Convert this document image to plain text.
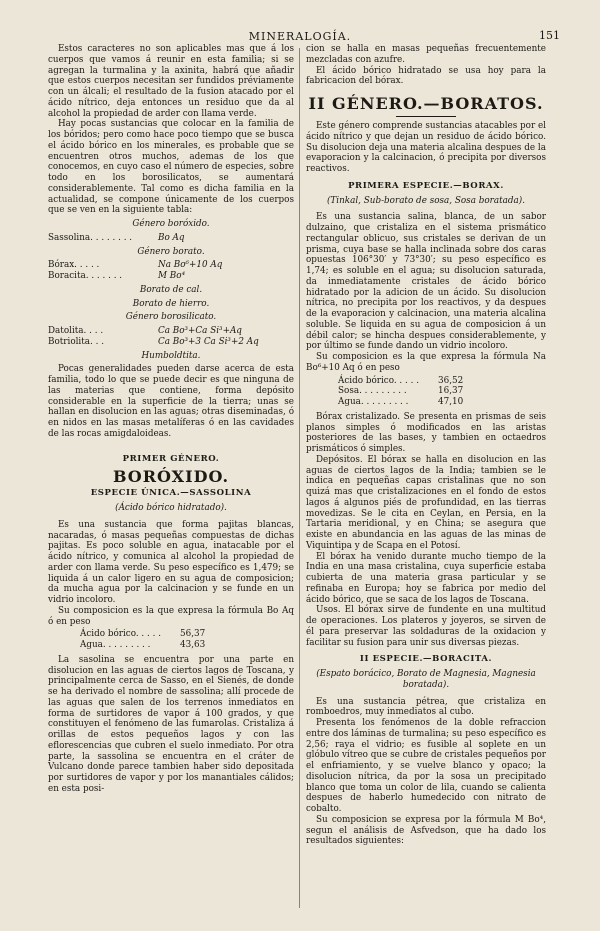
MINERALOGÍA.	151

Estos caracteres no son aplicables mas que á los cuerpos que vamos á reunir en esta familia; si se agregan la turmalina y la axinita, habrá que añadir que estos cuerpos necesitan ser fundidos préviamente con un álcali; el resultado de la fusion atacado por el ácido nítrico, deja entonces un residuo que da al alcohol la propiedad de arder con llama verde.

Hay pocas sustancias que colocar en la familia de los bóridos; pero como hace poco tiempo que se busca el ácido bórico en los minerales, es probable que se encuentren otros muchos, ademas de los que conocemos, en cuyo caso el número de especies, sobre todo en los borosilicatos, se aumentará considerablemente. Tal como es dicha familia en la actualidad, se compone únicamente de los cuerpos que se ven en la siguiente tabla:

Género boróxido.
Sassolina. . . . . . . .	Bo Aq
Género borato.
Bórax. . . . .	Na Bo⁶+10 Aq
Boracita. . . . . . .	M Bo⁴
Borato de cal.
Borato de hierro.
Género borosilicato.
Datolita. . . .	Ca Bo³+Ca Si³+Aq
Botriolita. . .	Ca Bo³+3 Ca Si³+2 Aq
Humboldtita.

Pocas generalidades pueden darse acerca de esta familia, todo lo que se puede decir es que ninguna de las materias que contiene, forma depósito considerable en la superficie de la tierra; unas se hallan en disolucion en las aguas; otras diseminadas, ó en nidos en las masas metalíferas ó en las cavidades de las rocas amigdaloideas.

PRIMER GÉNERO.
BORÓXIDO.
ESPECIE ÚNICA.—SASSOLINA
(Ácido bórico hidratado).

Es una sustancia que forma pajitas blancas, nacaradas, ó masas pequeñas compuestas de dichas pajitas. Es poco soluble en agua, inatacable por el ácido nítrico, y comunica al alcohol la propiedad de arder con llama verde. Su peso específico es 1,479; se liquida á un calor ligero en su agua de composicion; da mucha agua por la calcinacion y se funde en un vidrio incoloro.

Su composicion es la que expresa la fórmula Bo Aq ó en peso

Ácido bórico. . . . .	56,37
Agua. . . . . . . . .	43,63

La sasolina se encuentra por una parte en disolucion en las aguas de ciertos lagos de Toscana, y principalmente cerca de Sasso, en el Sienés, de donde se ha derivado el nombre de sassolina; allí procede de las aguas que salen de los terrenos inmediatos en forma de surtidores de vapor á 100 grados, y que constituyen el fenómeno de las fumarolas. Cristaliza á orillas de estos pequeños lagos y con las eflorescencias que cubren el suelo inmediato. Por otra parte, la sassolina se encuentra en el cráter de Vulcano donde parece tambien haber sido depositada por surtidores de vapor y por los manantiales cálidos; en esta posi-

cion se halla en masas pequeñas frecuentemente mezcladas con azufre.

El ácido bórico hidratado se usa hoy para la fabricacion del bórax.

II GÉNERO.—BORATOS.

Este género comprende sustancias atacables por el ácido nítrico y que dejan un residuo de ácido bórico. Su disolucion deja una materia alcalina despues de la evaporacion y la calcinacion, ó precipita por diversos reactivos.

PRIMERA ESPECIE.—BORAX.
(Tinkal, Sub-borato de sosa, Sosa boratada).

Es una sustancia salina, blanca, de un sabor dulzaino, que cristaliza en el sistema prismático rectangular oblicuo, sus cristales se derivan de un prisma, cuya base se halla inclinada sobre dos caras opuestas 106°30′ y 73°30′; su peso específico es 1,74; es soluble en el agua; su disolucion saturada, da inmediatamente cristales de ácido bórico hidratado por la adicion de un ácido. Su disolucion nítrica, no precipita por los reactivos, y da despues de la evaporacion y calcinacion, una materia alcalina soluble. Se liquida en su agua de composicion á un débil calor; se hincha despues considerablemente, y por último se funde dando un vidrio incoloro.

Su composicion es la que expresa la fórmula Na Bo⁶+10 Aq ó en peso

Ácido bórico. . . . .	36,52
Sosa. . . . . . . . .	16,37
Agua. . . . . . . . .	47,10

Bórax cristalizado. Se presenta en prismas de seis planos simples ó modificados en las aristas posteriores de las bases, y tambien en octaedros prismáticos ó simples.

Depósitos. El bórax se halla en disolucion en las aguas de ciertos lagos de la India; tambien se le indica en pequeñas capas cristalinas que no son quizá mas que cristalizaciones en el fondo de estos lagos á algunos piés de profundidad, en las tierras movedizas. Se le cita en Ceylan, en Persia, en la Tartaria meridional, y en China; se asegura que existe en abundancia en las aguas de las minas de Viquintipa y de Scapa en el Potosí.

El bórax ha venido durante mucho tiempo de la India en una masa cristalina, cuya superficie estaba cubierta de una materia grasa particular y se refinaba en Europa; hoy se fabrica por medio del ácido bórico, que se saca de los lagos de Toscana.

Usos. El bórax sirve de fundente en una multitud de operaciones. Los plateros y joyeros, se sirven de él para preservar las soldaduras de la oxidacion y facilitar su fusion para unir sus diversas piezas.

II ESPECIE.—BORACITA.
(Espato borácico, Borato de Magnesia, Magnesia boratada).

Es una sustancia pétrea, que cristaliza en romboedros, muy inmediatos al cubo.

Presenta los fenómenos de la doble refraccion entre dos láminas de turmalina; su peso específico es 2,56; raya el vidrio; es fusible al soplete en un glóbulo vítreo que se cubre de cristales pequeños por el enfriamiento, y se vuelve blanco y opaco; la disolucion nítrica, da por la sosa un precipitado blanco que toma un color de lila, cuando se calienta despues de haberlo humedecido con nitrato de cobalto.

Su composicion se expresa por la fórmula M Bo⁴, segun el análisis de Asfvedson, que ha dado los resultados siguientes:
